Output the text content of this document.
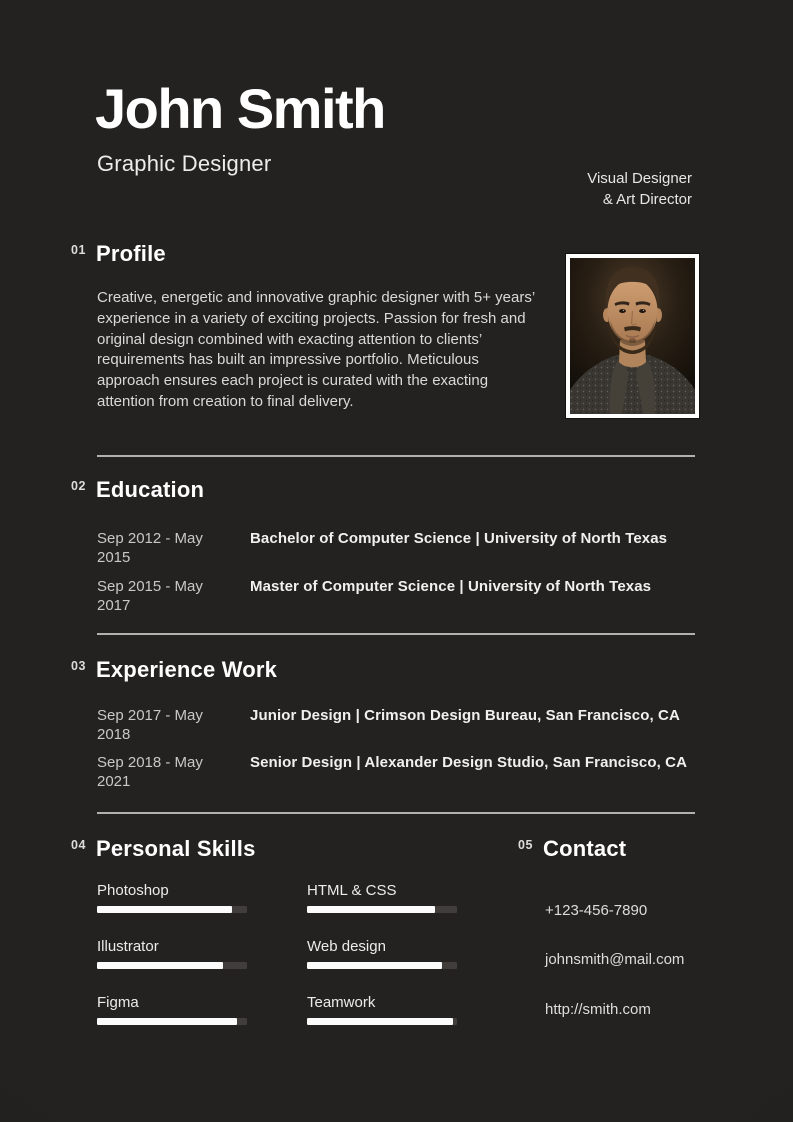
John Smith
Graphic Designer
Visual Designer
& Art Director
01 Profile
Creative, energetic and innovative graphic designer with 5+ years’ experience in a variety of exciting projects. Passion for fresh and original design combined with exacting attention to clients’ requirements has built an impressive portfolio. Meticulous approach ensures each project is curated with the exacting attention from creation to final delivery.
02 Education
Sep 2012 - May 2015
Bachelor of Computer Science | University of North Texas
Sep 2015 - May 2017
Master of Computer Science | University of North Texas
03 Experience Work
Sep 2017 - May 2018
Junior Design | Crimson Design Bureau, San Francisco, CA
Sep 2018 - May 2021
Senior Design | Alexander Design Studio, San Francisco, CA
04 Personal Skills
Photoshop	HTML & CSS
Illustrator	Web design
Figma	Teamwork
05 Contact
+123-456-7890
johnsmith@mail.com
http://smith.com
